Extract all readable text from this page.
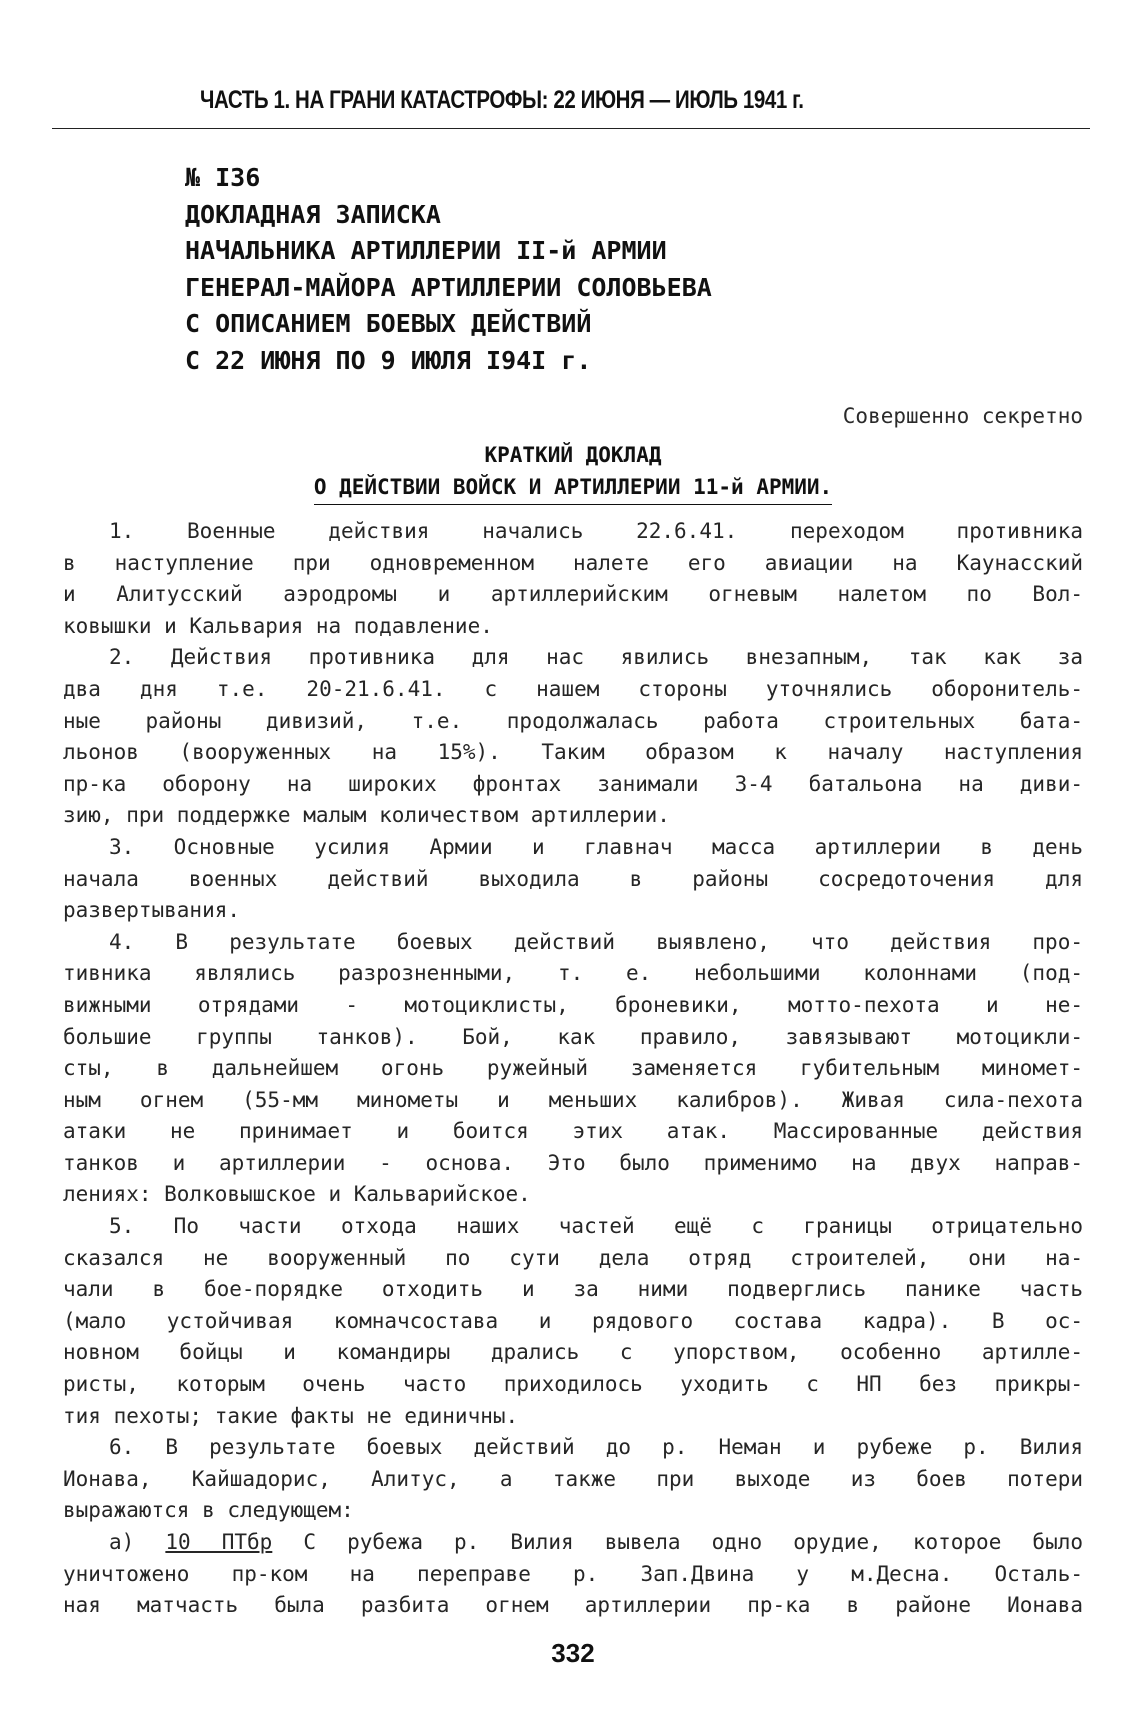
ЧАСТЬ 1. НА ГРАНИ КАТАСТРОФЫ: 22 ИЮНЯ — ИЮЛЬ 1941 г.
№ I36
ДОКЛАДНАЯ ЗАПИСКА
НАЧАЛЬНИКА АРТИЛЛЕРИИ II-й АРМИИ
ГЕНЕРАЛ-МАЙОРА АРТИЛЛЕРИИ СОЛОВЬЕВА
С ОПИСАНИЕМ БОЕВЫХ ДЕЙСТВИЙ
С 22 ИЮНЯ ПО 9 ИЮЛЯ I94I г.
Совершенно секретно
КРАТКИЙ ДОКЛАД
О ДЕЙСТВИИ ВОЙСК И АРТИЛЛЕРИИ 11-й АРМИИ.
1. Военные действия начались 22.6.41. переходом противника
в наступление при одновременном налете его авиации на Каунасский
и Алитусский аэродромы и артиллерийским огневым налетом по Вол-
ковышки и Кальвария на подавление.
2. Действия противника для нас явились внезапным, так как за
два дня т.е. 20-21.6.41. с нашем стороны уточнялись оборонитель-
ные районы дивизий, т.е. продолжалась работа строительных бата-
льонов (вооруженных на 15%). Таким образом к началу наступления
пр-ка оборону на широких фронтах занимали 3-4 батальона на диви-
зию, при поддержке малым количеством артиллерии.
3. Основные усилия Армии и главнач масса артиллерии в день
начала военных действий выходила в районы сосредоточения для
развертывания.
4. В результате боевых действий выявлено, что действия про-
тивника являлись разрозненными, т. е. небольшими колоннами (под-
вижными отрядами - мотоциклисты, броневики, мотто-пехота и не-
большие группы танков). Бой, как правило, завязывают мотоцикли-
сты, в дальнейшем огонь ружейный заменяется губительным миномет-
ным огнем (55-мм минометы и меньших калибров). Живая сила-пехота
атаки не принимает и боится этих атак. Массированные действия
танков и артиллерии - основа. Это было применимо на двух направ-
лениях: Волковышское и Кальварийское.
5. По части отхода наших частей ещё с границы отрицательно
сказался не вооруженный по сути дела отряд строителей, они на-
чали в бое-порядке отходить и за ними подверглись панике часть
(мало устойчивая комначсостава и рядового состава кадра). В ос-
новном бойцы и командиры дрались с упорством, особенно артилле-
ристы, которым очень часто приходилось уходить с НП без прикры-
тия пехоты; такие факты не единичны.
6. В результате боевых действий до р. Неман и рубеже р. Вилия
Ионава, Кайшадорис, Алитус, а также при выходе из боев потери
выражаются в следующем:
а) 10 ПТбр С рубежа р. Вилия вывела одно орудие, которое было
уничтожено пр-ком на переправе р. Зап.Двина у м.Десна. Осталь-
ная матчасть была разбита огнем артиллерии пр-ка в районе Ионава
332
